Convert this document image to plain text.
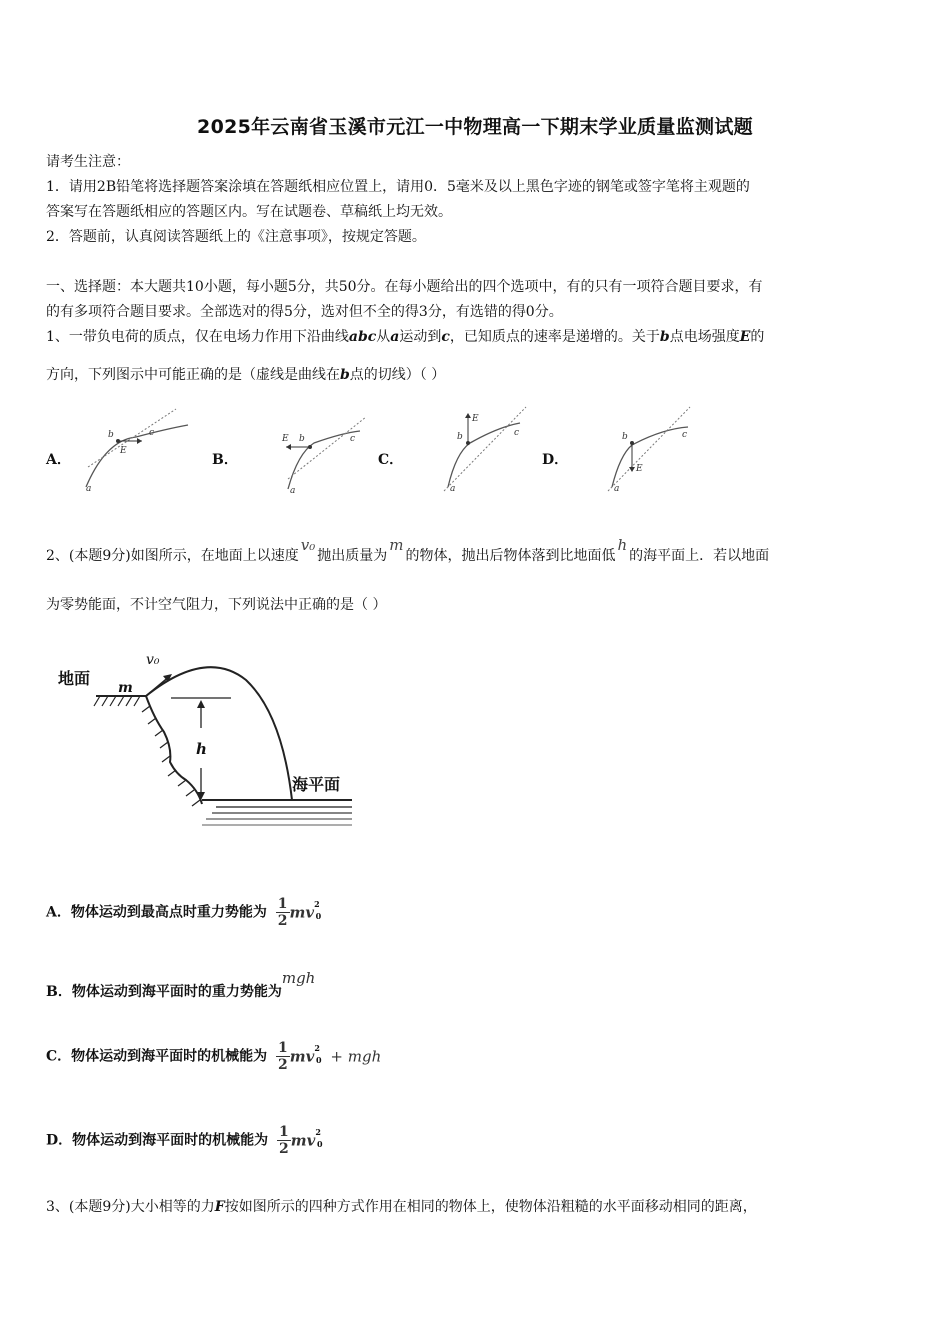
2025年云南省玉溪市元江一中物理高一下期末学业质量监测试题
请考生注意：
1．请用2B铅笔将选择题答案涂填在答题纸相应位置上，请用0．5毫米及以上黑色字迹的钢笔或签字笔将主观题的
答案写在答题纸相应的答题区内。写在试题卷、草稿纸上均无效。
2．答题前，认真阅读答题纸上的《注意事项》，按规定答题。
一、选择题：本大题共10小题，每小题5分，共50分。在每小题给出的四个选项中，有的只有一项符合题目要求，有
的有多项符合题目要求。全部选对的得5分，选对但不全的得3分，有选错的得0分。
1、一带负电荷的质点，仅在电场力作用下沿曲线abc从a运动到c，已知质点的速率是递增的。关于b点电场强度E的
方向，下列图示中可能正确的是（虚线是曲线在b点的切线）（ ）
A．
b	c
a
E
B．
E b	c
a
C．
E
b	c
a
D．
E
b	c
a
2、(本题9分)如图所示，在地面上以速度v₀抛出质量为m的物体，抛出后物体落到比地面低h的海平面上．若以地面
为零势能面，不计空气阻力，下列说法中正确的是（ ）
地面 m
v₀
h
海平面
A．物体运动到最高点时重力势能为 $\frac{1}{2} mv^20$
B．物体运动到海平面时的重力势能为mgh
C．物体运动到海平面时的机械能为 $\frac{1}{2} mv^20$ + mgh
D．物体运动到海平面时的机械能为 $\frac{1}{2} mv^20$
3、(本题9分)大小相等的力F按如图所示的四种方式作用在相同的物体上，使物体沿粗糙的水平面移动相同的距离，
